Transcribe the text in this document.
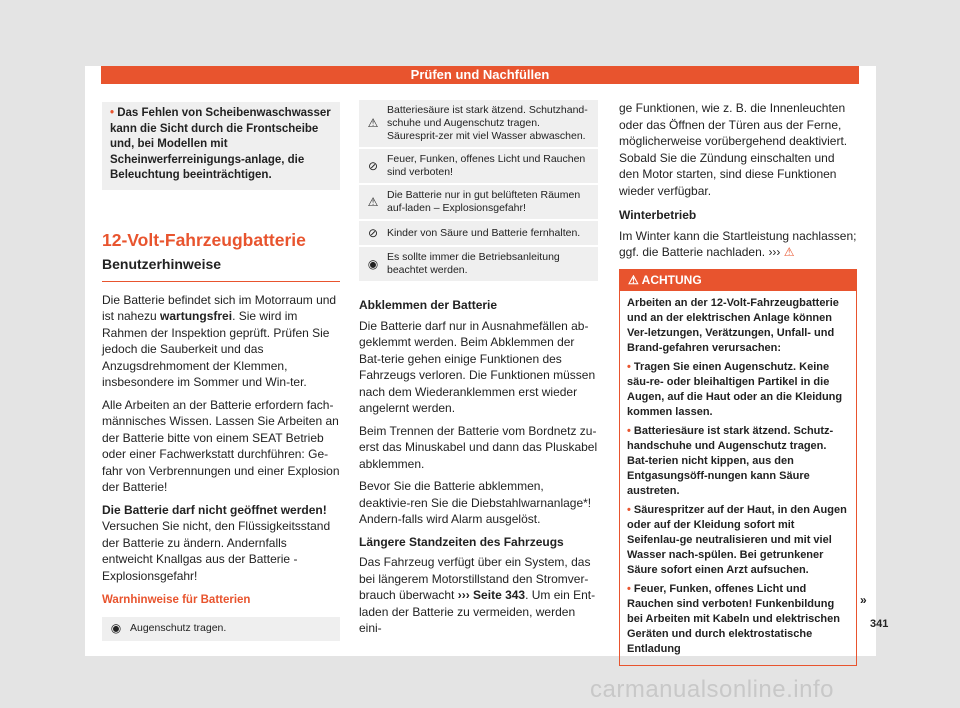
Prüfen und Nachfüllen
• Das Fehlen von Scheibenwaschwasser kann die Sicht durch die Frontscheibe und, bei Modellen mit Scheinwerferreinigungs-anlage, die Beleuchtung beeinträchtigen.
12-Volt-Fahrzeugbatterie
Benutzerhinweise

Die Batterie befindet sich im Motorraum und ist nahezu wartungsfrei. Sie wird im Rahmen der Inspektion geprüft. Prüfen Sie jedoch die Sauberkeit und das Anzugsdrehmoment der Klemmen, insbesondere im Sommer und Win-ter.

Alle Arbeiten an der Batterie erfordern fach-männisches Wissen. Lassen Sie Arbeiten an der Batterie bitte von einem SEAT Betrieb oder einer Fachwerkstatt durchführen: Ge-fahr von Verbrennungen und einer Explosion der Batterie!

Die Batterie darf nicht geöffnet werden!

Versuchen Sie nicht, den Flüssigkeitsstand der Batterie zu ändern. Andernfalls entweicht Knallgas aus der Batterie - Explosionsgefahr!

Warnhinweise für Batterien
◉ Augenschutz tragen.
⚠
Batteriesäure ist stark ätzend. Schutzhand-schuhe und Augenschutz tragen. Säuresprit-zer mit viel Wasser abwaschen.
⊘ Feuer, Funken, offenes Licht und Rauchen sind verboten!
⚠ Die Batterie nur in gut belüfteten Räumen auf-laden – Explosionsgefahr!
⊘ Kinder von Säure und Batterie fernhalten.
◉ Es sollte immer die Betriebsanleitung beachtet werden.
Abklemmen der Batterie

Die Batterie darf nur in Ausnahmefällen ab-geklemmt werden. Beim Abklemmen der Bat-terie gehen einige Funktionen des Fahrzeugs verloren. Die Funktionen müssen nach dem Wiederanklemmen erst wieder angelernt werden.

Beim Trennen der Batterie vom Bordnetz zu-erst das Minuskabel und dann das Pluskabel abklemmen.

Bevor Sie die Batterie abklemmen, deaktivie-ren Sie die Diebstahlwarnanlage*! Andern-falls wird Alarm ausgelöst.

Längere Standzeiten des Fahrzeugs

Das Fahrzeug verfügt über ein System, das bei längerem Motorstillstand den Stromver-brauch überwacht ››› Seite 343. Um ein Ent-laden der Batterie zu vermeiden, werden eini-

ge Funktionen, wie z. B. die Innenleuchten oder das Öffnen der Türen aus der Ferne, möglicherweise vorübergehend deaktiviert. Sobald Sie die Zündung einschalten und den Motor starten, sind diese Funktionen wieder verfügbar.

Winterbetrieb

Im Winter kann die Startleistung nachlassen; ggf. die Batterie nachladen. ››› ⚠

⚠ ACHTUNG

Arbeiten an der 12-Volt-Fahrzeugbatterie und an der elektrischen Anlage können Ver-letzungen, Verätzungen, Unfall- und Brand-gefahren verursachen:

• Tragen Sie einen Augenschutz. Keine säu-re- oder bleihaltigen Partikel in die Augen, auf die Haut oder an die Kleidung kommen lassen.

• Batteriesäure ist stark ätzend. Schutz-handschuhe und Augenschutz tragen. Bat-terien nicht kippen, aus den Entgasungsöff-nungen kann Säure austreten.

• Säurespritzer auf der Haut, in den Augen oder auf der Kleidung sofort mit Seifenlau-ge neutralisieren und mit viel Wasser nach-spülen. Bei getrunkener Säure sofort einen Arzt aufsuchen.

• Feuer, Funken, offenes Licht und Rauchen sind verboten! Funkenbildung bei Arbeiten mit Kabeln und elektrischen Geräten und durch elektrostatische Entladung

»
341
carmanualsonline.info
